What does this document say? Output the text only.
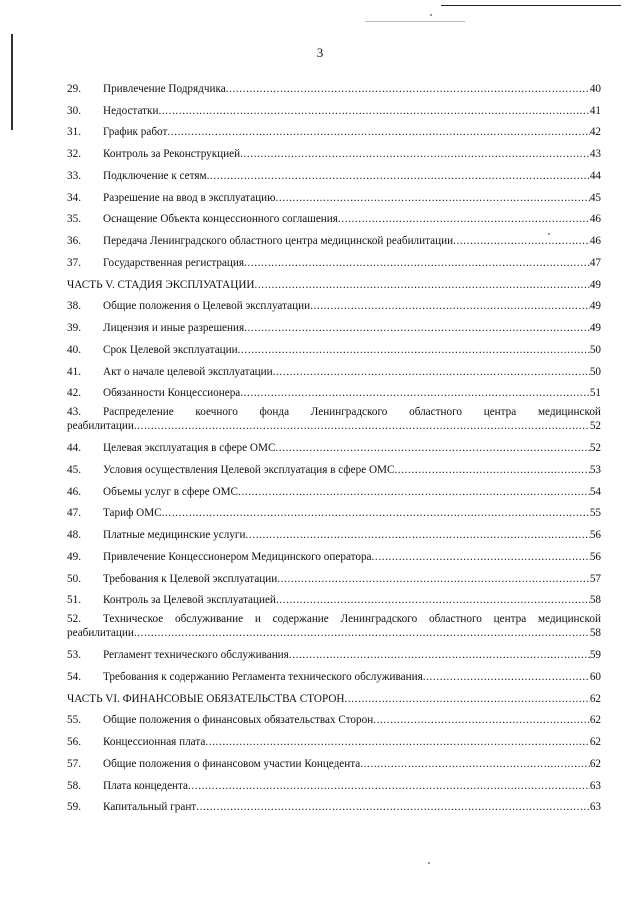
3
29.	Привлечение Подрядчика .....	40
30.	Недостатки .....	41
31.	График работ .....	42
32.	Контроль за Реконструкцией .....	43
33.	Подключение к сетям .....	44
34.	Разрешение на ввод в эксплуатацию .....	45
35.	Оснащение Объекта концессионного соглашения .....	46
36.	Передача Ленинградского областного центра медицинской реабилитации .....	46
37.	Государственная регистрация .....	47
ЧАСТЬ V. СТАДИЯ ЭКСПЛУАТАЦИИ .....	49
38.	Общие положения о Целевой эксплуатации .....	49
39.	Лицензия и иные разрешения .....	49
40.	Срок Целевой эксплуатации .....	50
41.	Акт о начале целевой эксплуатации .....	50
42.	Обязанности Концессионера .....	51
43.	Распределение коечного фонда Ленинградского областного центра медицинской
реабилитации .....	52
44.	Целевая эксплуатация в сфере ОМС .....	52
45.	Условия осуществления Целевой эксплуатация в сфере ОМС .....	53
46.	Объемы услуг в сфере ОМС .....	54
47.	Тариф ОМС .....	55
48.	Платные медицинские услуги .....	56
49.	Привлечение Концессионером Медицинского оператора .....	56
50.	Требования к Целевой эксплуатации .....	57
51.	Контроль за Целевой эксплуатацией .....	58
52.	Техническое обслуживание и содержание Ленинградского областного центра медицинской
реабилитации .....	58
53.	Регламент технического обслуживания .....	59
54.	Требования к содержанию Регламента технического обслуживания .....	60
ЧАСТЬ VI. ФИНАНСОВЫЕ ОБЯЗАТЕЛЬСТВА СТОРОН .....	62
55.	Общие положения о финансовых обязательствах Сторон .....	62
56.	Концессионная плата .....	62
57.	Общие положения о финансовом участии Концедента .....	62
58.	Плата концедента .....	63
59.	Капитальный грант .....	63
